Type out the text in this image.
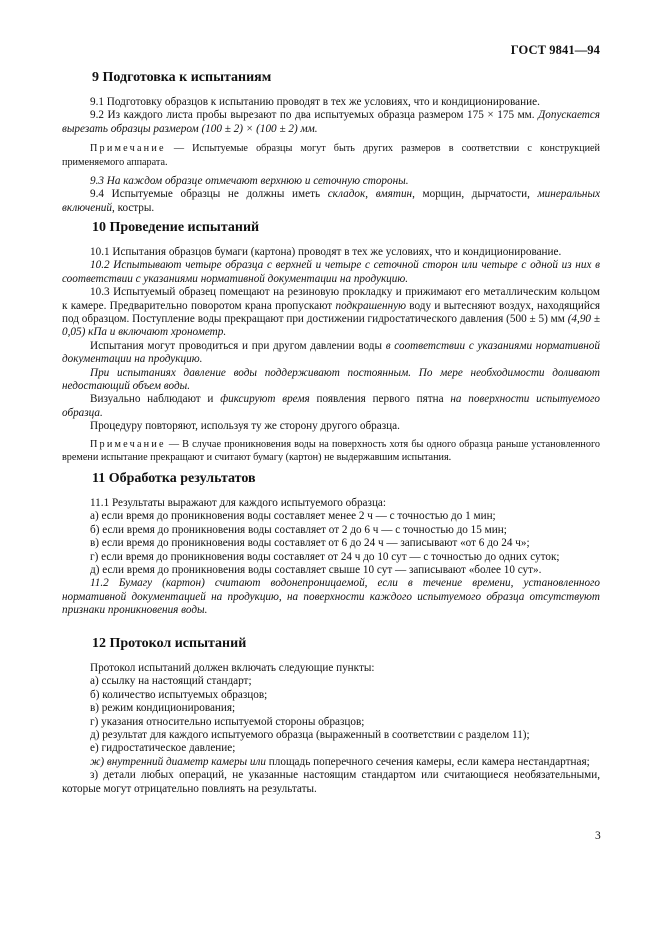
ГОСТ 9841—94
9 Подготовка к испытаниям

9.1 Подготовку образцов к испытанию проводят в тех же условиях, что и кондиционирование.

9.2 Из каждого листа пробы вырезают по два испытуемых образца размером 175 × 175 мм. Допускается вырезать образцы размером (100 ± 2) × (100 ± 2) мм.

Примечание — Испытуемые образцы могут быть других размеров в соответствии с конструкцией применяемого аппарата.

9.3 На каждом образце отмечают верхнюю и сеточную стороны.

9.4 Испытуемые образцы не должны иметь складок, вмятин, морщин, дырчатости, минеральных включений, костры.

10 Проведение испытаний

10.1 Испытания образцов бумаги (картона) проводят в тех же условиях, что и кондиционирование.

10.2 Испытывают четыре образца с верхней и четыре с сеточной сторон или четыре с одной из них в соответствии с указаниями нормативной документации на продукцию.

10.3 Испытуемый образец помещают на резиновую прокладку и прижимают его металлическим кольцом к камере. Предварительно поворотом крана пропускают подкрашенную воду и вытесняют воздух, находящийся под образцом. Поступление воды прекращают при достижении гидростатического давления (500 ± 5) мм (4,90 ± 0,05) кПа и включают хронометр.

Испытания могут проводиться и при другом давлении воды в соответствии с указаниями нормативной документации на продукцию.

При испытаниях давление воды поддерживают постоянным. По мере необходимости доливают недостающий объем воды.

Визуально наблюдают и фиксируют время появления первого пятна на поверхности испытуемого образца.

Процедуру повторяют, используя ту же сторону другого образца.

Примечание — В случае проникновения воды на поверхность хотя бы одного образца раньше установленного времени испытание прекращают и считают бумагу (картон) не выдержавшим испытания.

11 Обработка результатов

11.1 Результаты выражают для каждого испытуемого образца:

а) если время до проникновения воды составляет менее 2 ч — с точностью до 1 мин;

б) если время до проникновения воды составляет от 2 до 6 ч — с точностью до 15 мин;

в) если время до проникновения воды составляет от 6 до 24 ч — записывают «от 6 до 24 ч»;

г) если время до проникновения воды составляет от 24 ч до 10 сут — с точностью до одних суток;

д) если время до проникновения воды составляет свыше 10 сут — записывают «более 10 сут».

11.2 Бумагу (картон) считают водонепроницаемой, если в течение времени, установленного нормативной документацией на продукцию, на поверхности каждого испытуемого образца отсутствуют признаки проникновения воды.

12 Протокол испытаний

Протокол испытаний должен включать следующие пункты:

а) ссылку на настоящий стандарт;

б) количество испытуемых образцов;

в) режим кондиционирования;

г) указания относительно испытуемой стороны образцов;

д) результат для каждого испытуемого образца (выраженный в соответствии с разделом 11);

е) гидростатическое давление;

ж) внутренний диаметр камеры или площадь поперечного сечения камеры, если камера нестандартная;

з) детали любых операций, не указанные настоящим стандартом или считающиеся необязательными, которые могут отрицательно повлиять на результаты.

3
